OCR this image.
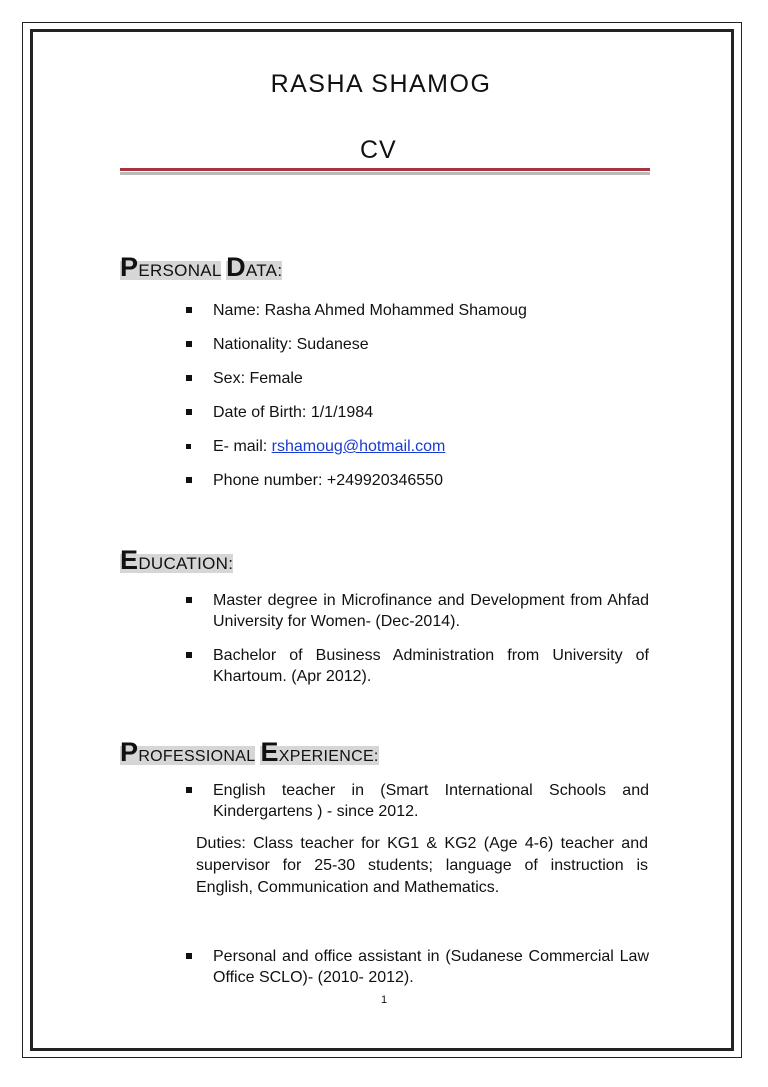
RASHA SHAMOG
CV
PERSONAL DATA:
Name: Rasha Ahmed Mohammed Shamoug
Nationality: Sudanese
Sex: Female
Date of Birth: 1/1/1984
E- mail: rshamoug@hotmail.com
Phone number: +249920346550
EDUCATION:
Master degree in Microfinance and Development from Ahfad University for Women- (Dec-2014).
Bachelor of Business Administration from University of Khartoum. (Apr 2012).
PROFESSIONAL EXPERIENCE:
English teacher in (Smart International Schools and Kindergartens ) - since 2012.
Duties: Class teacher for KG1 & KG2 (Age 4-6) teacher and supervisor for 25-30 students; language of instruction is English, Communication and Mathematics.
Personal and office assistant in (Sudanese Commercial Law Office SCLO)- (2010- 2012).
1
